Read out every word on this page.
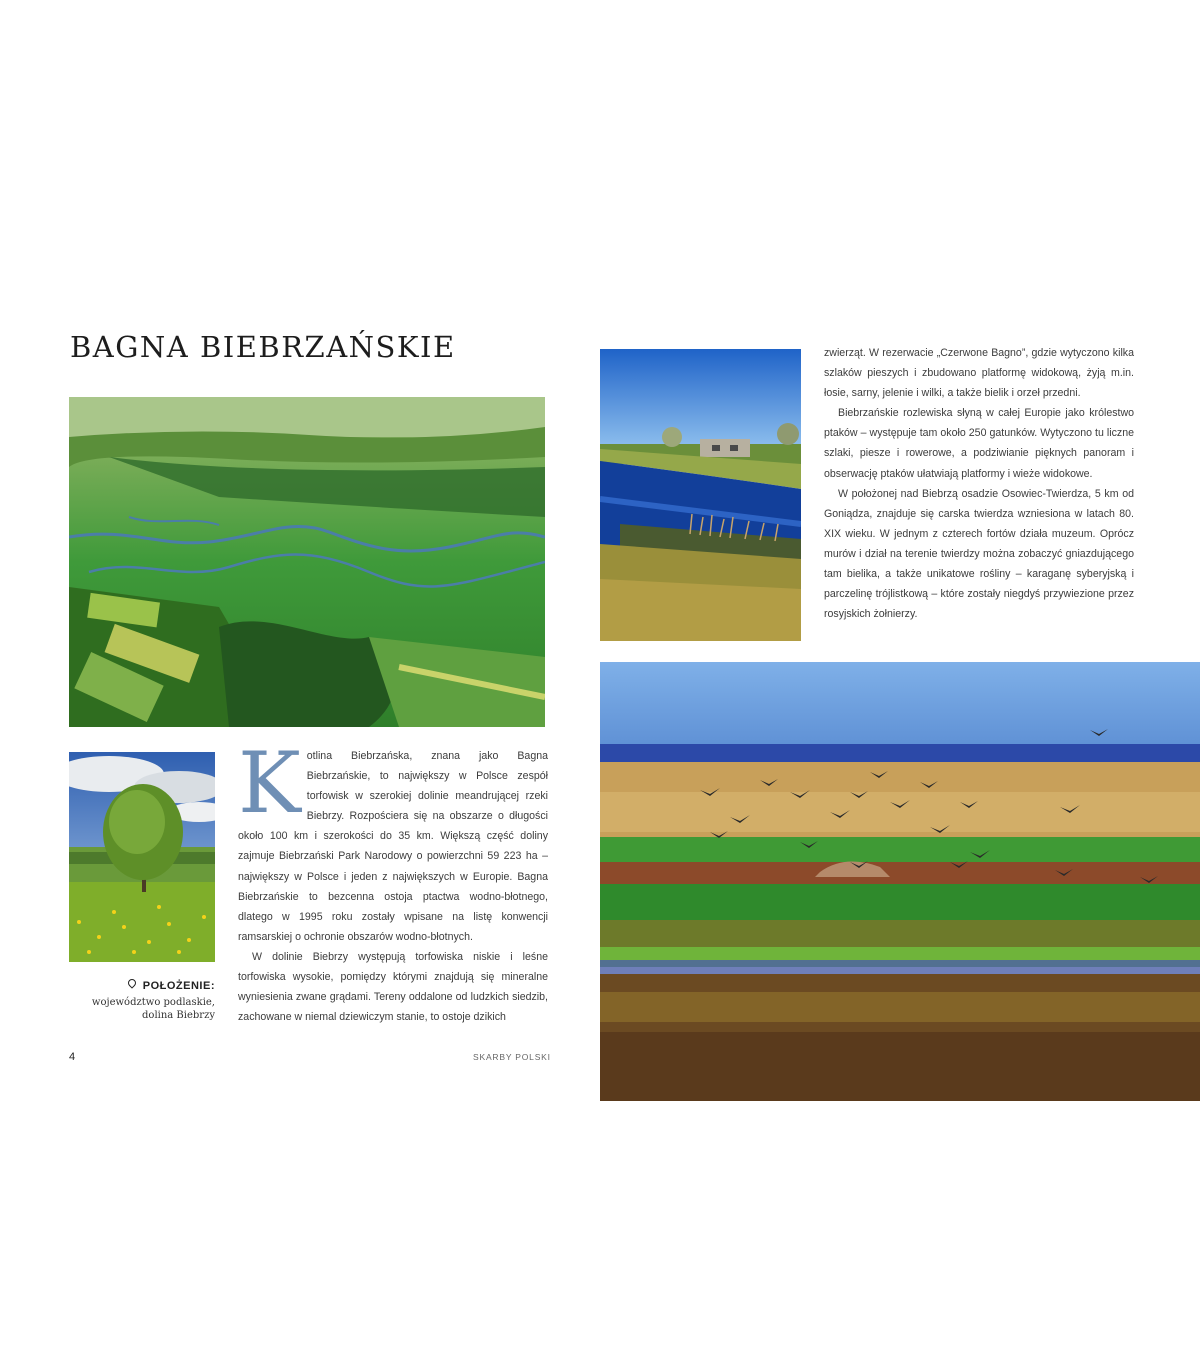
BAGNA BIEBRZAŃSKIE
POŁOŻENIE:
województwo podlaskie, dolina Biebrzy

Kotlina Biebrzańska, znana jako Bagna Biebrzańskie, to największy w Polsce zespół torfowisk w szerokiej dolinie meandrującej rzeki Biebrzy. Rozpościera się na obszarze o długości około 100 km i szerokości do 35 km. Większą część doliny zajmuje Biebrzański Park Narodowy o powierzchni 59 223 ha – największy w Polsce i jeden z największych w Europie. Bagna Biebrzańskie to bezcenna ostoja ptactwa wodno-błotnego, dlatego w 1995 roku zostały wpisane na listę konwencji ramsarskiej o ochronie obszarów wodno-błotnych.

W dolinie Biebrzy występują torfowiska niskie i leśne torfowiska wysokie, pomiędzy którymi znajdują się mineralne wyniesienia zwane grądami. Tereny oddalone od ludzkich siedzib, zachowane w niemal dziewiczym stanie, to ostoje dzikich

4	SKARBY POLSKI

zwierząt. W rezerwacie „Czerwone Bagno”, gdzie wytyczono kilka szlaków pieszych i zbudowano platformę widokową, żyją m.in. łosie, sarny, jelenie i wilki, a także bielik i orzeł przedni.

Biebrzańskie rozlewiska słyną w całej Europie jako królestwo ptaków – występuje tam około 250 gatunków. Wytyczono tu liczne szlaki, piesze i rowerowe, a podziwianie pięknych panoram i obserwację ptaków ułatwiają platformy i wieże widokowe.

W położonej nad Biebrzą osadzie Osowiec-Twierdza, 5 km od Goniądza, znajduje się carska twierdza wzniesiona w latach 80. XIX wieku. W jednym z czterech fortów działa muzeum. Oprócz murów i dział na terenie twierdzy można zobaczyć gniazdującego tam bielika, a także unikatowe rośliny – karaganę syberyjską i parczelinę trójlistkową – które zostały niegdyś przywiezione przez rosyjskich żołnierzy.
